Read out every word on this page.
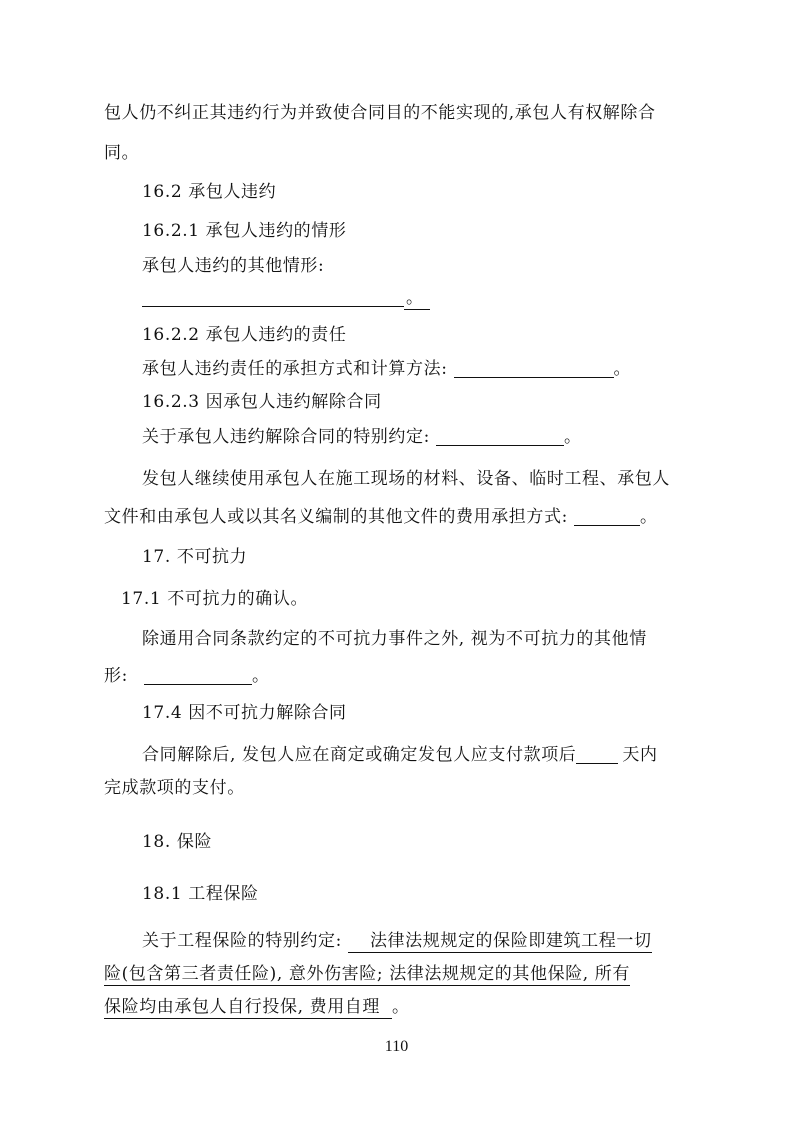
包人仍不纠正其违约行为并致使合同目的不能实现的,承包人有权解除合
同。
16.2 承包人违约
16.2.1 承包人违约的情形
承包人违约的其他情形:
。
16.2.2 承包人违约的责任
承包人违约责任的承担方式和计算方法:	。
16.2.3 因承包人违约解除合同
关于承包人违约解除合同的特别约定:	。
发包人继续使用承包人在施工现场的材料、设备、临时工程、承包人
文件和由承包人或以其名义编制的其他文件的费用承担方式:	。
17. 不可抗力
17.1 不可抗力的确认。
除通用合同条款约定的不可抗力事件之外, 视为不可抗力的其他情
形:	。
17.4 因不可抗力解除合同
合同解除后, 发包人应在商定或确定发包人应支付款项后	天内
完成款项的支付。
18. 保险
18.1 工程保险
关于工程保险的特别约定: 法律法规规定的保险即建筑工程一切
险(包含第三者责任险), 意外伤害险; 法律法规规定的其他保险, 所有
保险均由承包人自行投保, 费用自理 。
110
